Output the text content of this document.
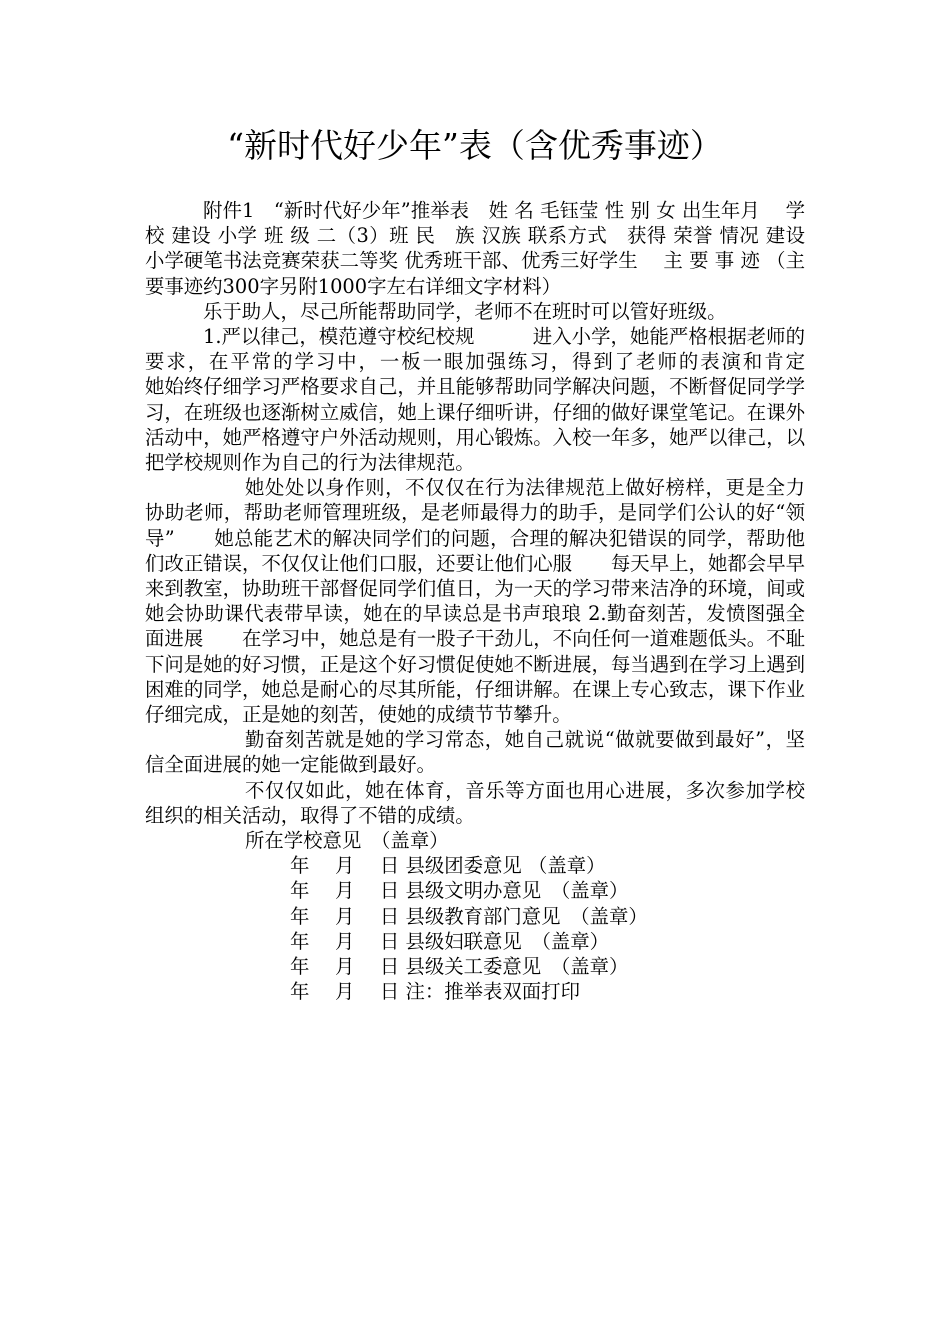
“新时代好少年”表（含优秀事迹）

附件1　“新时代好少年”推举表　姓 名 毛钰莹 性 别 女 出生年月　 学 校 建设 小学 班 级 二（3）班 民　族 汉族 联系方式　获得 荣誉 情况 建设小学硬笔书法竞赛荣获二等奖 优秀班干部、优秀三好学生　 主 要 事 迹 （主要事迹约300字另附1000字左右详细文字材料）

乐于助人，尽己所能帮助同学，老师不在班时可以管好班级。

1.严以律己，模范遵守校纪校规　　　进入小学，她能严格根据老师的要求，在平常的学习中，一板一眼加强练习，得到了老师的表演和肯定　　　她始终仔细学习严格要求自己，并且能够帮助同学解决问题，不断督促同学学习，在班级也逐渐树立威信，她上课仔细听讲，仔细的做好课堂笔记。在课外活动中，她严格遵守户外活动规则，用心锻炼。入校一年多，她严以律己，以把学校规则作为自己的行为法律规范。

她处处以身作则，不仅仅在行为法律规范上做好榜样，更是全力协助老师，帮助老师管理班级，是老师最得力的助手，是同学们公认的好“领导”　　她总能艺术的解决同学们的问题，合理的解决犯错误的同学，帮助他们改正错误，不仅仅让他们口服，还要让他们心服　　每天早上，她都会早早来到教室，协助班干部督促同学们值日，为一天的学习带来洁净的环境，间或她会协助课代表带早读，她在的早读总是书声琅琅 2.勤奋刻苦，发愤图强全面进展　　在学习中，她总是有一股子干劲儿，不向任何一道难题低头。不耻下问是她的好习惯，正是这个好习惯促使她不断进展，每当遇到在学习上遇到困难的同学，她总是耐心的尽其所能，仔细讲解。在课上专心致志，课下作业仔细完成，正是她的刻苦，使她的成绩节节攀升。

勤奋刻苦就是她的学习常态，她自己就说“做就要做到最好”，坚信全面进展的她一定能做到最好。

不仅仅如此，她在体育，音乐等方面也用心进展，多次参加学校组织的相关活动，取得了不错的成绩。

所在学校意见　（盖章）
年　 月　 日 县级团委意见 （盖章）
年　 月　 日 县级文明办意见　（盖章）
年　 月　 日 县级教育部门意见　（盖章）
年　 月　 日 县级妇联意见　（盖章）
年　 月　 日 县级关工委意见　（盖章）
年　 月　 日 注：推举表双面打印
